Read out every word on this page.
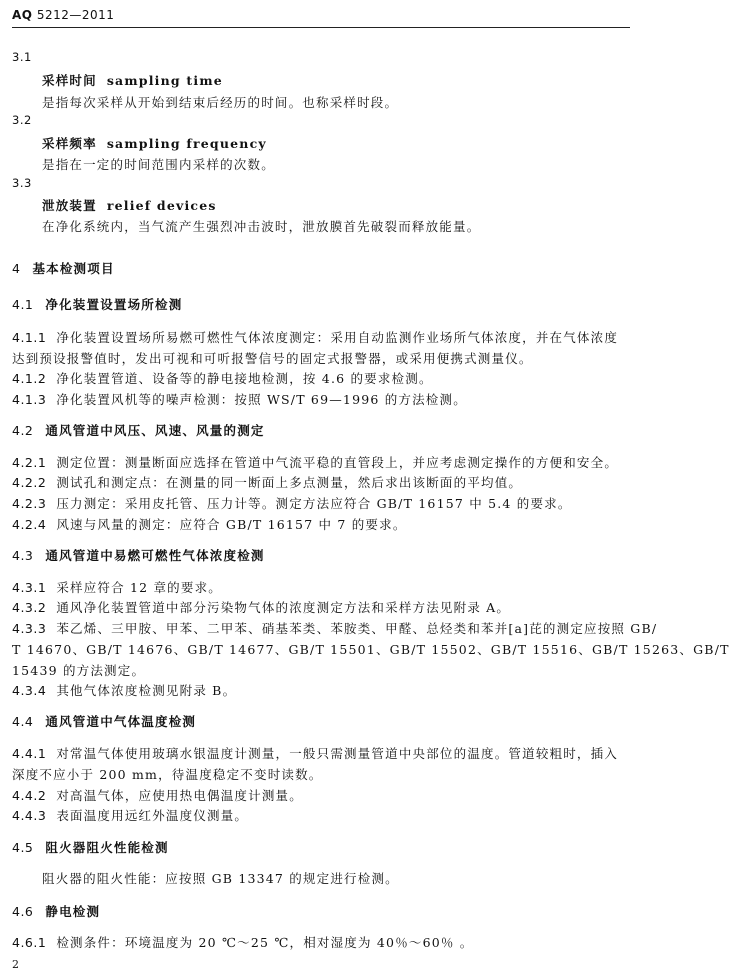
AQ 5212—2011
3.1
采样时间 sampling time
是指每次采样从开始到结束后经历的时间。也称采样时段。
3.2
采样频率 sampling frequency
是指在一定的时间范围内采样的次数。
3.3
泄放装置 relief devices
在净化系统内，当气流产生强烈冲击波时，泄放膜首先破裂而释放能量。
4 基本检测项目
4.1 净化装置设置场所检测
4.1.1 净化装置设置场所易燃可燃性气体浓度测定：采用自动监测作业场所气体浓度，并在气体浓度
达到预设报警值时，发出可视和可听报警信号的固定式报警器，或采用便携式测量仪。
4.1.2 净化装置管道、设备等的静电接地检测，按 4.6 的要求检测。
4.1.3 净化装置风机等的噪声检测：按照 WS/T 69—1996 的方法检测。
4.2 通风管道中风压、风速、风量的测定
4.2.1 测定位置：测量断面应选择在管道中气流平稳的直管段上，并应考虑测定操作的方便和安全。
4.2.2 测试孔和测定点：在测量的同一断面上多点测量，然后求出该断面的平均值。
4.2.3 压力测定：采用皮托管、压力计等。测定方法应符合 GB/T 16157 中 5.4 的要求。
4.2.4 风速与风量的测定：应符合 GB/T 16157 中 7 的要求。
4.3 通风管道中易燃可燃性气体浓度检测
4.3.1 采样应符合 12 章的要求。
4.3.2 通风净化装置管道中部分污染物气体的浓度测定方法和采样方法见附录 A。
4.3.3 苯乙烯、三甲胺、甲苯、二甲苯、硝基苯类、苯胺类、甲醛、总烃类和苯并[a]芘的测定应按照 GB/
T 14670、GB/T 14676、GB/T 14677、GB/T 15501、GB/T 15502、GB/T 15516、GB/T 15263、GB/T
15439 的方法测定。
4.3.4 其他气体浓度检测见附录 B。
4.4 通风管道中气体温度检测
4.4.1 对常温气体使用玻璃水银温度计测量，一般只需测量管道中央部位的温度。管道较粗时，插入
深度不应小于 200 mm，待温度稳定不变时读数。
4.4.2 对高温气体，应使用热电偶温度计测量。
4.4.3 表面温度用远红外温度仪测量。
4.5 阻火器阻火性能检测
阻火器的阻火性能：应按照 GB 13347 的规定进行检测。
4.6 静电检测
4.6.1 检测条件：环境温度为 20 ℃～25 ℃，相对湿度为 40％～60％ 。
2
